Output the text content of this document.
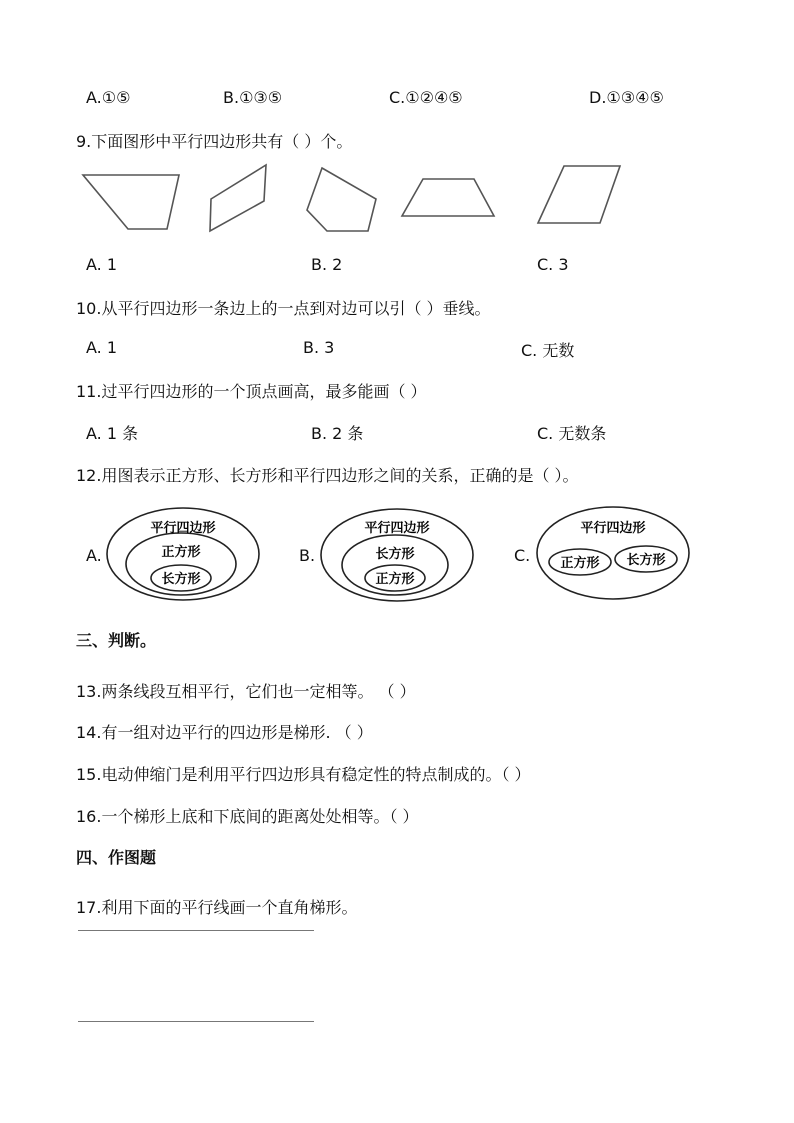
A.①⑤	B.①③⑤	C.①②④⑤	D.①③④⑤
9.下面图形中平行四边形共有（ ）个。
A. 1	B. 2	C. 3
10.从平行四边形一条边上的一点到对边可以引（ ）垂线。
A. 1	B. 3	C. 无数
11.过平行四边形的一个顶点画高，最多能画（ ）
A. 1 条	B. 2 条	C. 无数条
12.用图表示正方形、长方形和平行四边形之间的关系，正确的是（ ）。
A.
平行四边形
正方形
长方形
B.
平行四边形
长方形
正方形
C.
平行四边形
正方形 长方形
三、判断。
13.两条线段互相平行，它们也一定相等。 （ ）
14.有一组对边平行的四边形是梯形. （ ）
15.电动伸缩门是利用平行四边形具有稳定性的特点制成的。（ ）
16.一个梯形上底和下底间的距离处处相等。（ ）
四、作图题
17.利用下面的平行线画一个直角梯形。
